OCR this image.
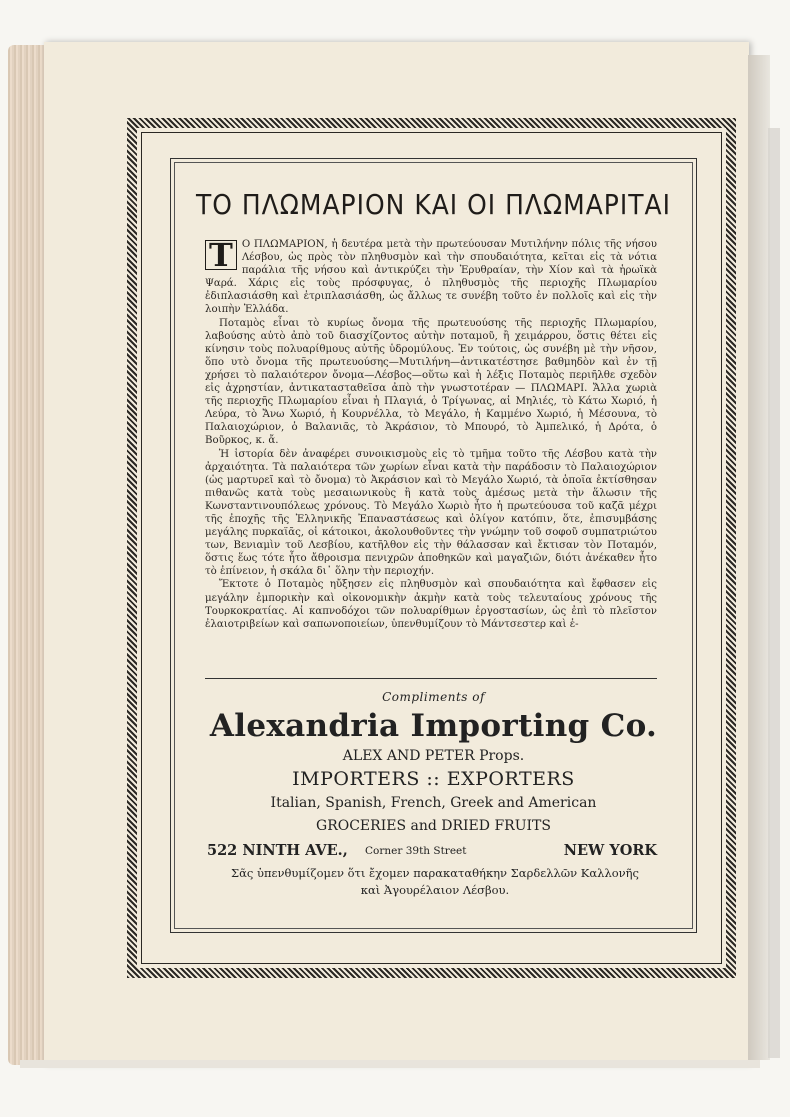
ΤΟ ΠΛΩΜΑΡΙΟΝ ΚΑΙ ΟΙ ΠΛΩΜΑΡΙΤΑΙ

Τ Ο ΠΛΩΜΑΡΙΟΝ, ἡ δευτέρα μετὰ τὴν πρωτεύουσαν Μυτιλήνην πόλις τῆς νήσου Λέσβου, ὡς πρὸς τὸν πληθυσμὸν καὶ τὴν σπουδαιότητα, κεῖται εἰς τὰ νότια παράλια τῆς νήσου καὶ ἀντικρύζει τὴν Ἐρυθραίαν, τὴν Χίον καὶ τὰ ἡρωϊκὰ Ψαρά. Χάρις εἰς τοὺς πρόσφυγας, ὁ πληθυσμὸς τῆς περιοχῆς Πλωμαρίου ἐδιπλασιάσθη καὶ ἐτριπλασιάσθη, ὡς ἄλλως τε συνέβη τοῦτο ἐν πολλοῖς καὶ εἰς τὴν λοιπὴν Ἑλλάδα.

Ποταμὸς εἶναι τὸ κυρίως ὄνομα τῆς πρωτευούσης τῆς περιοχῆς Πλωμαρίου, λαβούσης αὐτὸ ἀπὸ τοῦ διασχίζοντος αὐτὴν ποταμοῦ, ἢ χειμάρρου, ὅστις θέτει εἰς κίνησιν τοὺς πολυαρίθμους αὐτῆς ὑδρομύλους. Ἐν τούτοις, ὡς συνέβη μὲ τὴν νῆσον, ὅπο υτὸ ὄνομα τῆς πρωτευούσης—Μυτιλήνη—ἀντικατέστησε βαθμηδὸν καὶ ἐν τῇ χρήσει τὸ παλαιότερον ὄνομα—Λέσβος—οὕτω καὶ ἡ λέξις Ποταμὸς περιῆλθε σχεδὸν εἰς ἀχρηστίαν, ἀντικατασταθεῖσα ἀπὸ τὴν γνωστοτέραν — ΠΛΩΜΑΡΙ. Ἄλλα χωριὰ τῆς περιοχῆς Πλωμαρίου εἶναι ἡ Πλαγιά, ὁ Τρίγωνας, αἱ Μηλιές, τὸ Κάτω Χωριό, ἡ Λεύρα, τὸ Ἄνω Χωριό, ἡ Κουρνέλλα, τὸ Μεγάλο, ἡ Καμμένο Χωριό, ἡ Μέσουνα, τὸ Παλαιοχώριον, ὁ Βαλανιᾶς, τὸ Ἀκράσιον, τὸ Μπουρό, τὸ Ἀμπελικό, ἡ Δρότα, ὁ Βοῦρκος, κ. ἄ.

Ἡ ἱστορία δὲν ἀναφέρει συνοικισμοὺς εἰς τὸ τμῆμα τοῦτο τῆς Λέσβου κατὰ τὴν ἀρχαιότητα. Τὰ παλαιότερα τῶν χωρίων εἶναι κατὰ τὴν παράδοσιν τὸ Παλαιοχώριον (ὡς μαρτυρεῖ καὶ τὸ ὄνομα) τὸ Ἀκράσιον καὶ τὸ Μεγάλο Χωριό, τὰ ὁποῖα ἐκτίσθησαν πιθανῶς κατὰ τοὺς μεσαιωνικοὺς ἢ κατὰ τοὺς ἀμέσως μετὰ τὴν ἅλωσιν τῆς Κωνσταντινουπόλεως χρόνους. Τὸ Μεγάλο Χωριὸ ἦτο ἡ πρωτεύουσα τοῦ καζᾶ μέχρι τῆς ἐποχῆς τῆς Ἑλληνικῆς Ἐπαναστάσεως καὶ ὀλίγον κατόπιν, ὅτε, ἐπισυμβάσης μεγάλης πυρκαϊᾶς, οἱ κάτοικοι, ἀκολουθοῦντες τὴν γνώμην τοῦ σοφοῦ συμπατριώτου των, Βενιαμὶν τοῦ Λεσβίου, κατῆλθον εἰς τὴν θάλασσαν καὶ ἔκτισαν τὸν Ποταμόν, ὅστις ἕως τότε ἦτο ἄθροισμα πενιχρῶν ἀποθηκῶν καὶ μαγαζιῶν, διότι ἀνέκαθεν ἦτο τὸ ἐπίνειον, ἡ σκάλα δι᾽ ὅλην τὴν περιοχήν.

Ἔκτοτε ὁ Ποταμὸς ηὔξησεν εἰς πληθυσμὸν καὶ σπουδαιότητα καὶ ἔφθασεν εἰς μεγάλην ἐμπορικὴν καὶ οἰκονομικὴν ἀκμὴν κατὰ τοὺς τελευταίους χρόνους τῆς Τουρκοκρατίας. Αἱ καπνοδόχοι τῶν πολυαρίθμων ἐργοστασίων, ὡς ἐπὶ τὸ πλεῖστον ἐλαιοτριβείων καὶ σαπωνοποιείων, ὑπενθυμίζουν τὸ Μάντσεστερ καὶ ἐ-

Compliments of
Alexandria Importing Co.
ALEX AND PETER Props.
IMPORTERS :: EXPORTERS
Italian, Spanish, French, Greek and American
GROCERIES and DRIED FRUITS
522 NINTH AVE., Corner 39th Street	NEW YORK
Σᾶς ὑπενθυμίζομεν ὅτι ἔχομεν παρακαταθήκην Σαρδελλῶν Καλλονῆς καὶ Ἀγουρέλαιον Λέσβου.
